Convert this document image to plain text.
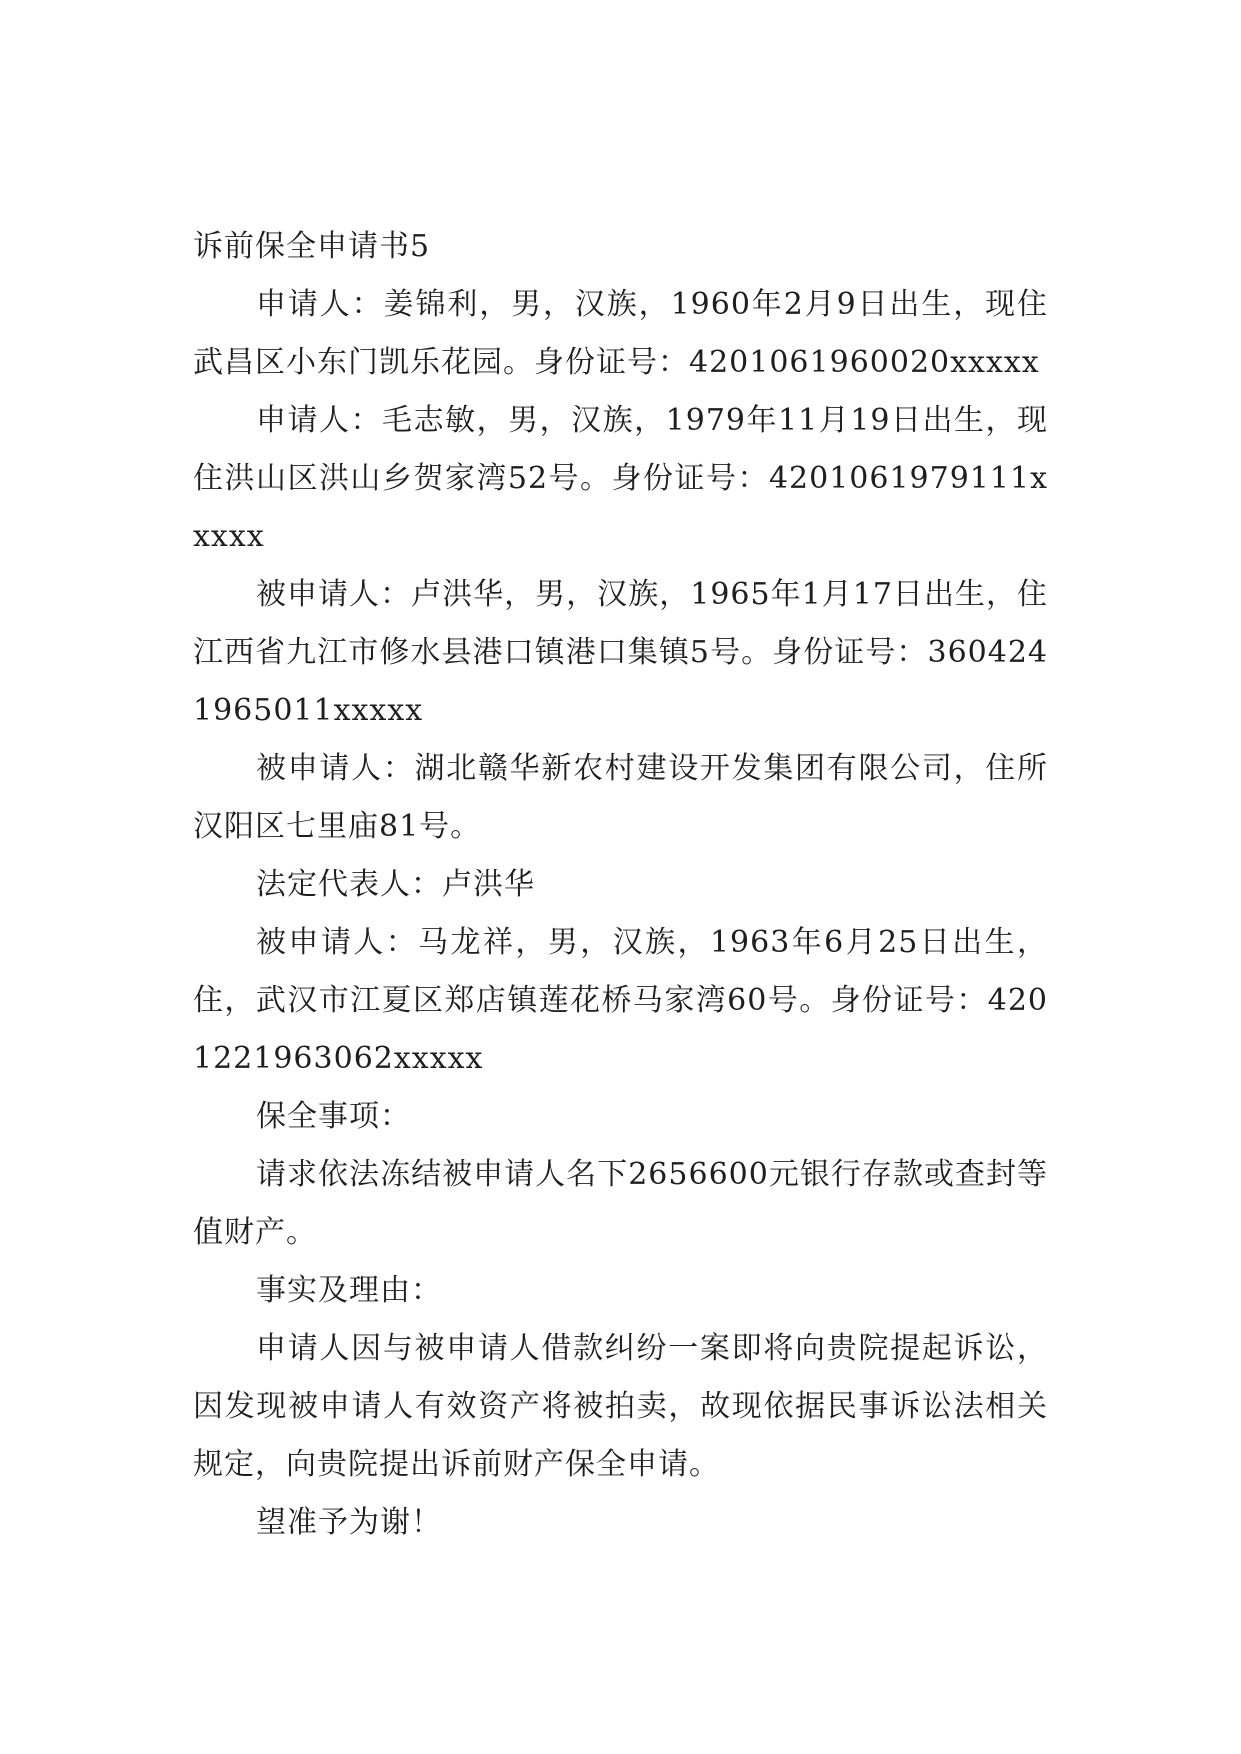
诉前保全申请书5

申请人：姜锦利，男，汉族，1960年2月9日出生，现住武昌区小东门凯乐花园。身份证号：4201061960020xxxxx

申请人：毛志敏，男，汉族，1979年11月19日出生，现住洪山区洪山乡贺家湾52号。身份证号：4201061979111xxxxx

被申请人：卢洪华，男，汉族，1965年1月17日出生，住江西省九江市修水县港口镇港口集镇5号。身份证号：3604241965011xxxxx

被申请人：湖北赣华新农村建设开发集团有限公司，住所汉阳区七里庙81号。

法定代表人：卢洪华

被申请人：马龙祥，男，汉族，1963年6月25日出生，住，武汉市江夏区郑店镇莲花桥马家湾60号。身份证号：4201221963062xxxxx

保全事项：

请求依法冻结被申请人名下2656600元银行存款或查封等值财产。

事实及理由：

申请人因与被申请人借款纠纷一案即将向贵院提起诉讼，因发现被申请人有效资产将被拍卖，故现依据民事诉讼法相关规定，向贵院提出诉前财产保全申请。

望准予为谢！
